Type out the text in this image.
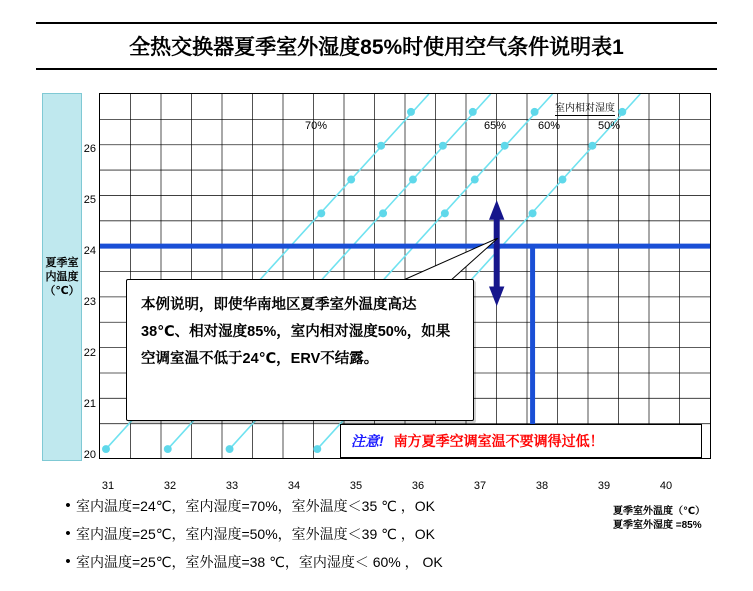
全热交换器夏季室外湿度85%时使用空气条件说明表1
夏季室内温度（℃）
26
25
24
23
22
21
20
室内相对湿度
70%	65%	60%	50%
31	32	33	34	35	36	37	38	39	40
本例说明，即使华南地区夏季室外温度高达38℃、相对湿度85%，室内相对湿度50%，如果空调室温不低于24℃，ERV不结露。
注意! 南方夏季空调室温不要调得过低！
夏季室外温度（℃）
夏季室外湿度 =85%
• 室内温度=24℃，室内湿度=70%，室外温度＜35 ℃ ，OK
• 室内温度=25℃，室内湿度=50%，室外温度＜39 ℃ ，OK
• 室内温度=25℃，室外温度=38 ℃，室内湿度＜ 60% ， OK
